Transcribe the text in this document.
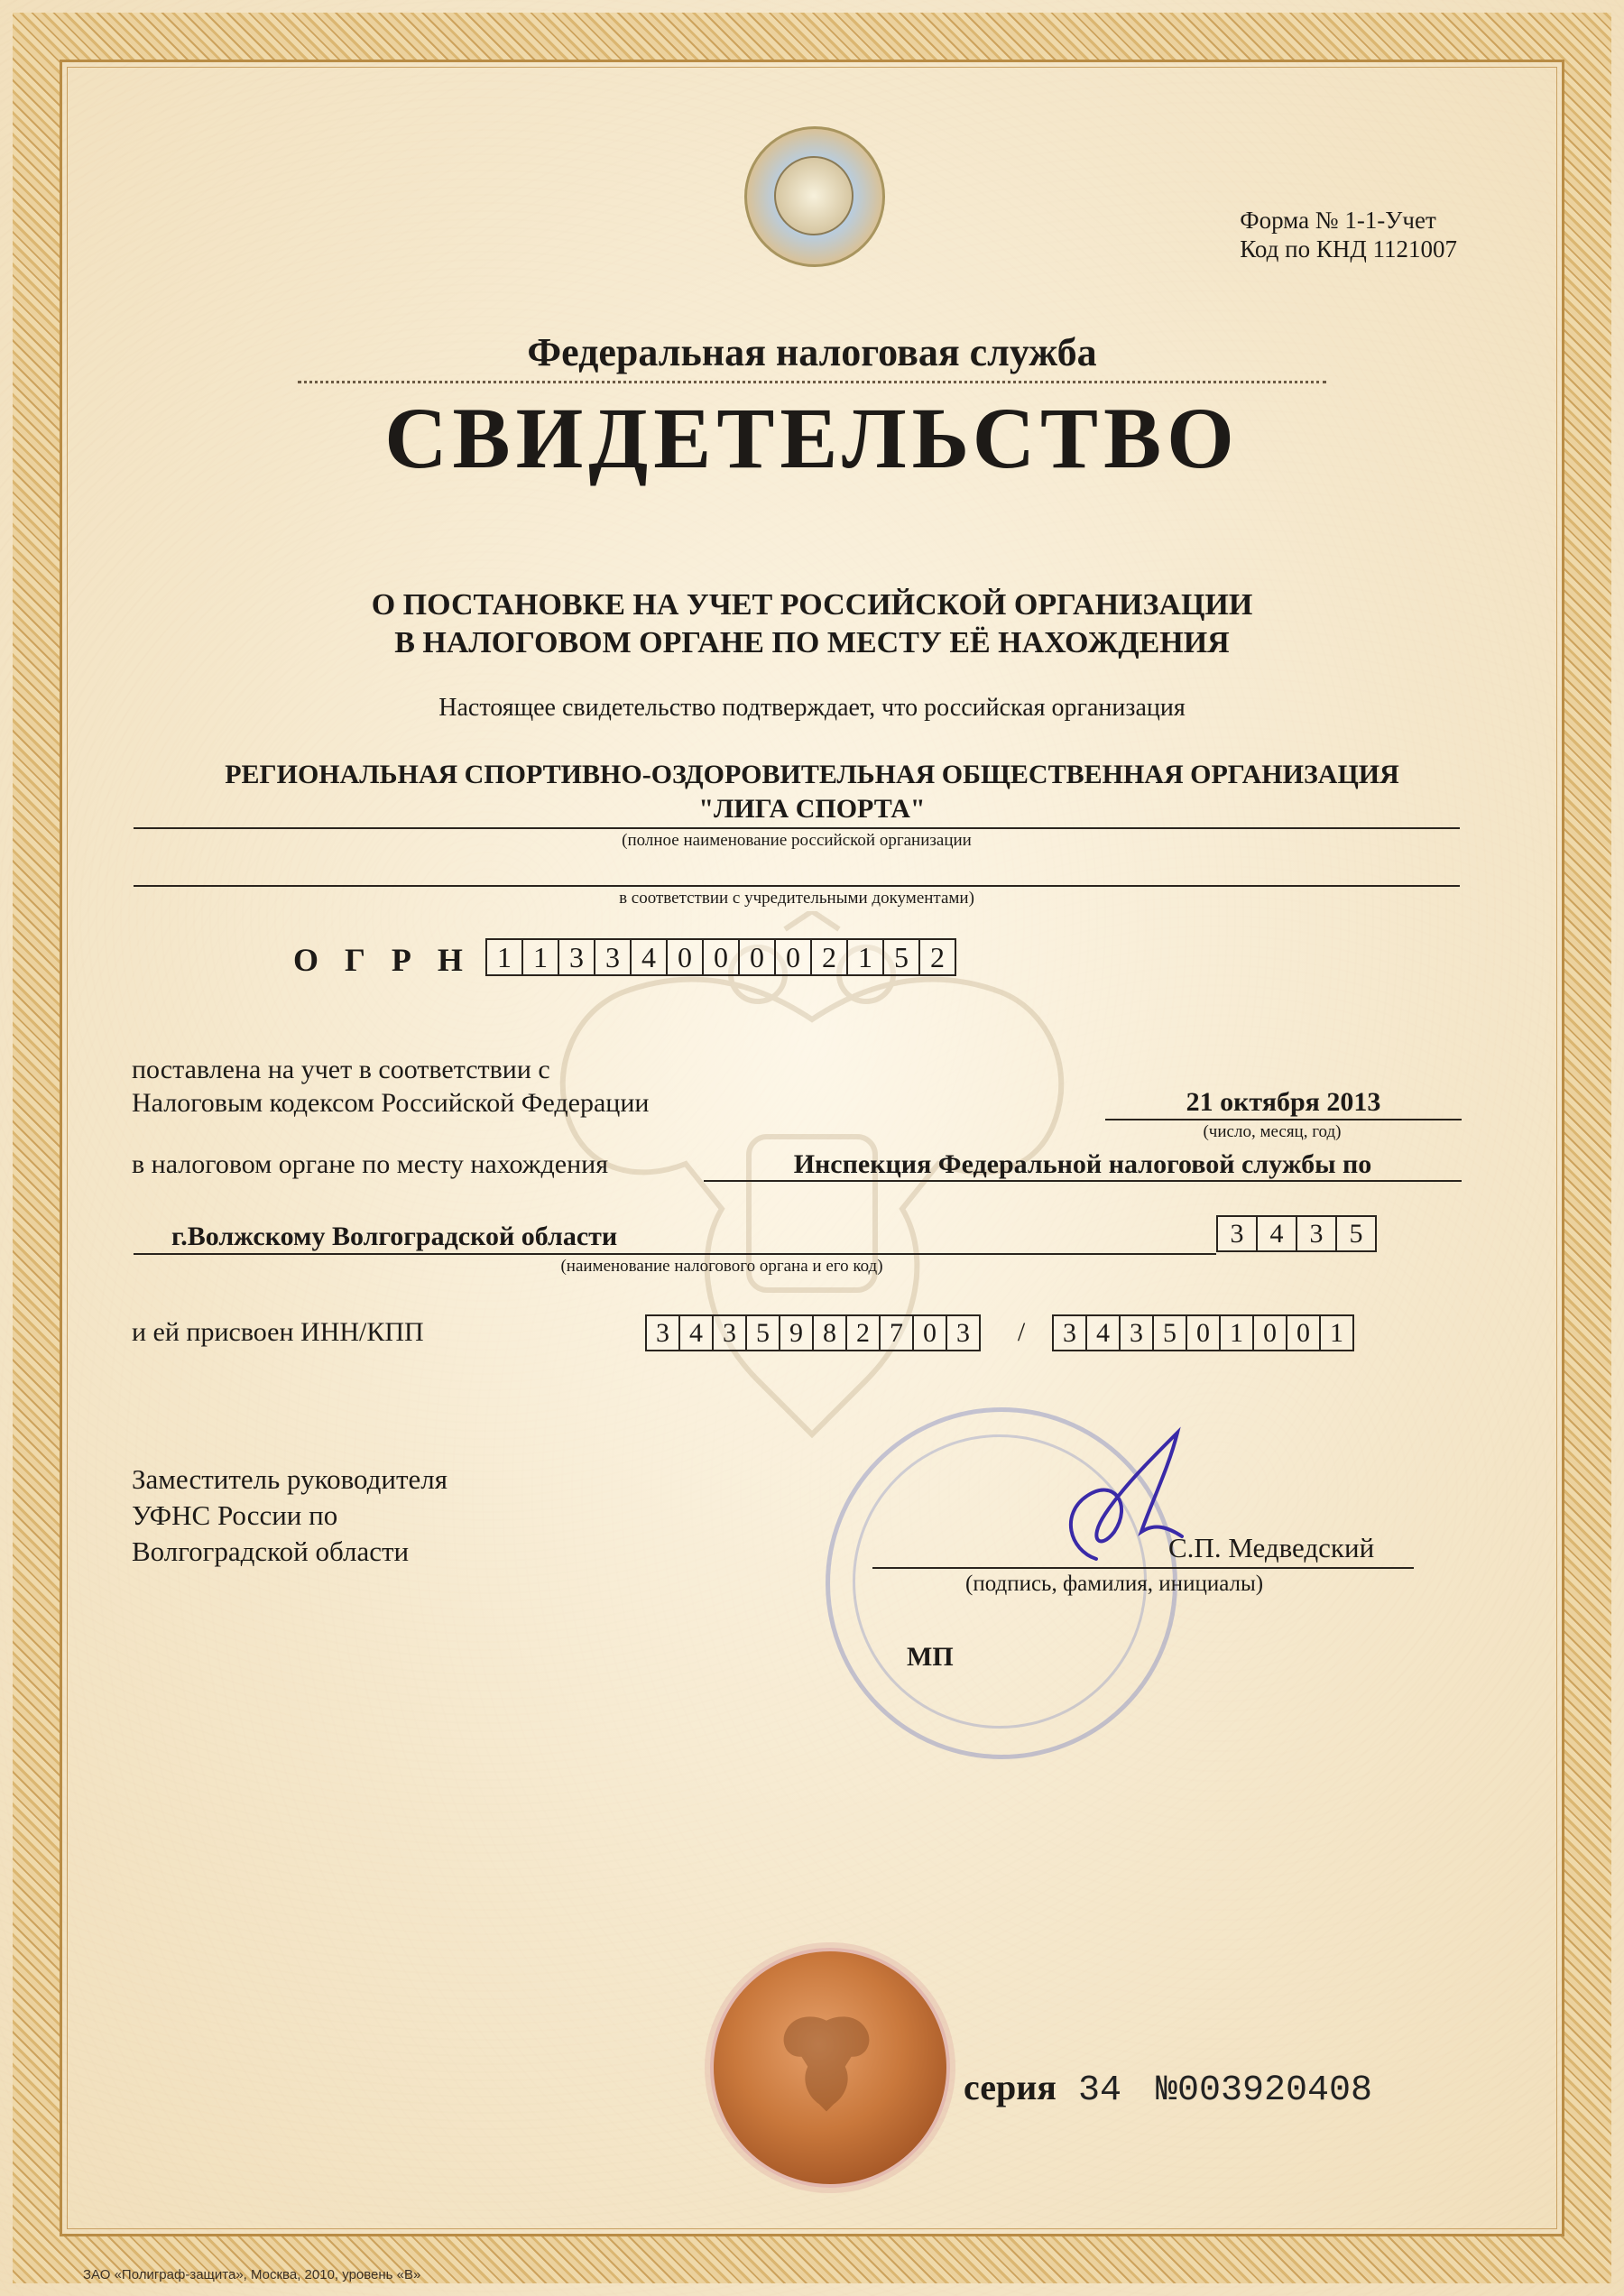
Форма № 1-1-Учет
Код по КНД 1121007
Федеральная налоговая служба
СВИДЕТЕЛЬСТВО
О ПОСТАНОВКЕ НА УЧЕТ РОССИЙСКОЙ ОРГАНИЗАЦИИ
В НАЛОГОВОМ ОРГАНЕ ПО МЕСТУ ЕЁ НАХОЖДЕНИЯ
Настоящее свидетельство подтверждает, что российская организация
РЕГИОНАЛЬНАЯ СПОРТИВНО-ОЗДОРОВИТЕЛЬНАЯ ОБЩЕСТВЕННАЯ ОРГАНИЗАЦИЯ
"ЛИГА СПОРТА"
(полное наименование российской организации
в соответствии с учредительными документами)
ОГРН 1 1 3 3 4 0 0 0 0 2 1 5 2
поставлена на учет в соответствии с
Налоговым кодексом Российской Федерации	21 октября 2013
(число, месяц, год)
в налоговом органе по месту нахождения	Инспекция Федеральной налоговой службы по
г.Волжскому Волгоградской области	3 4 3 5
(наименование налогового органа и его код)
и ей присвоен ИНН/КПП	3 4 3 5 9 8 2 7 0 3	/	3 4 3 5 0 1 0 0 1
Заместитель руководителя
УФНС России по
Волгоградской области	С.П. Медведский
(подпись, фамилия, инициалы)
МП
серия 34 №003920408
ЗАО «Полиграф-защита», Москва, 2010, уровень «В»
